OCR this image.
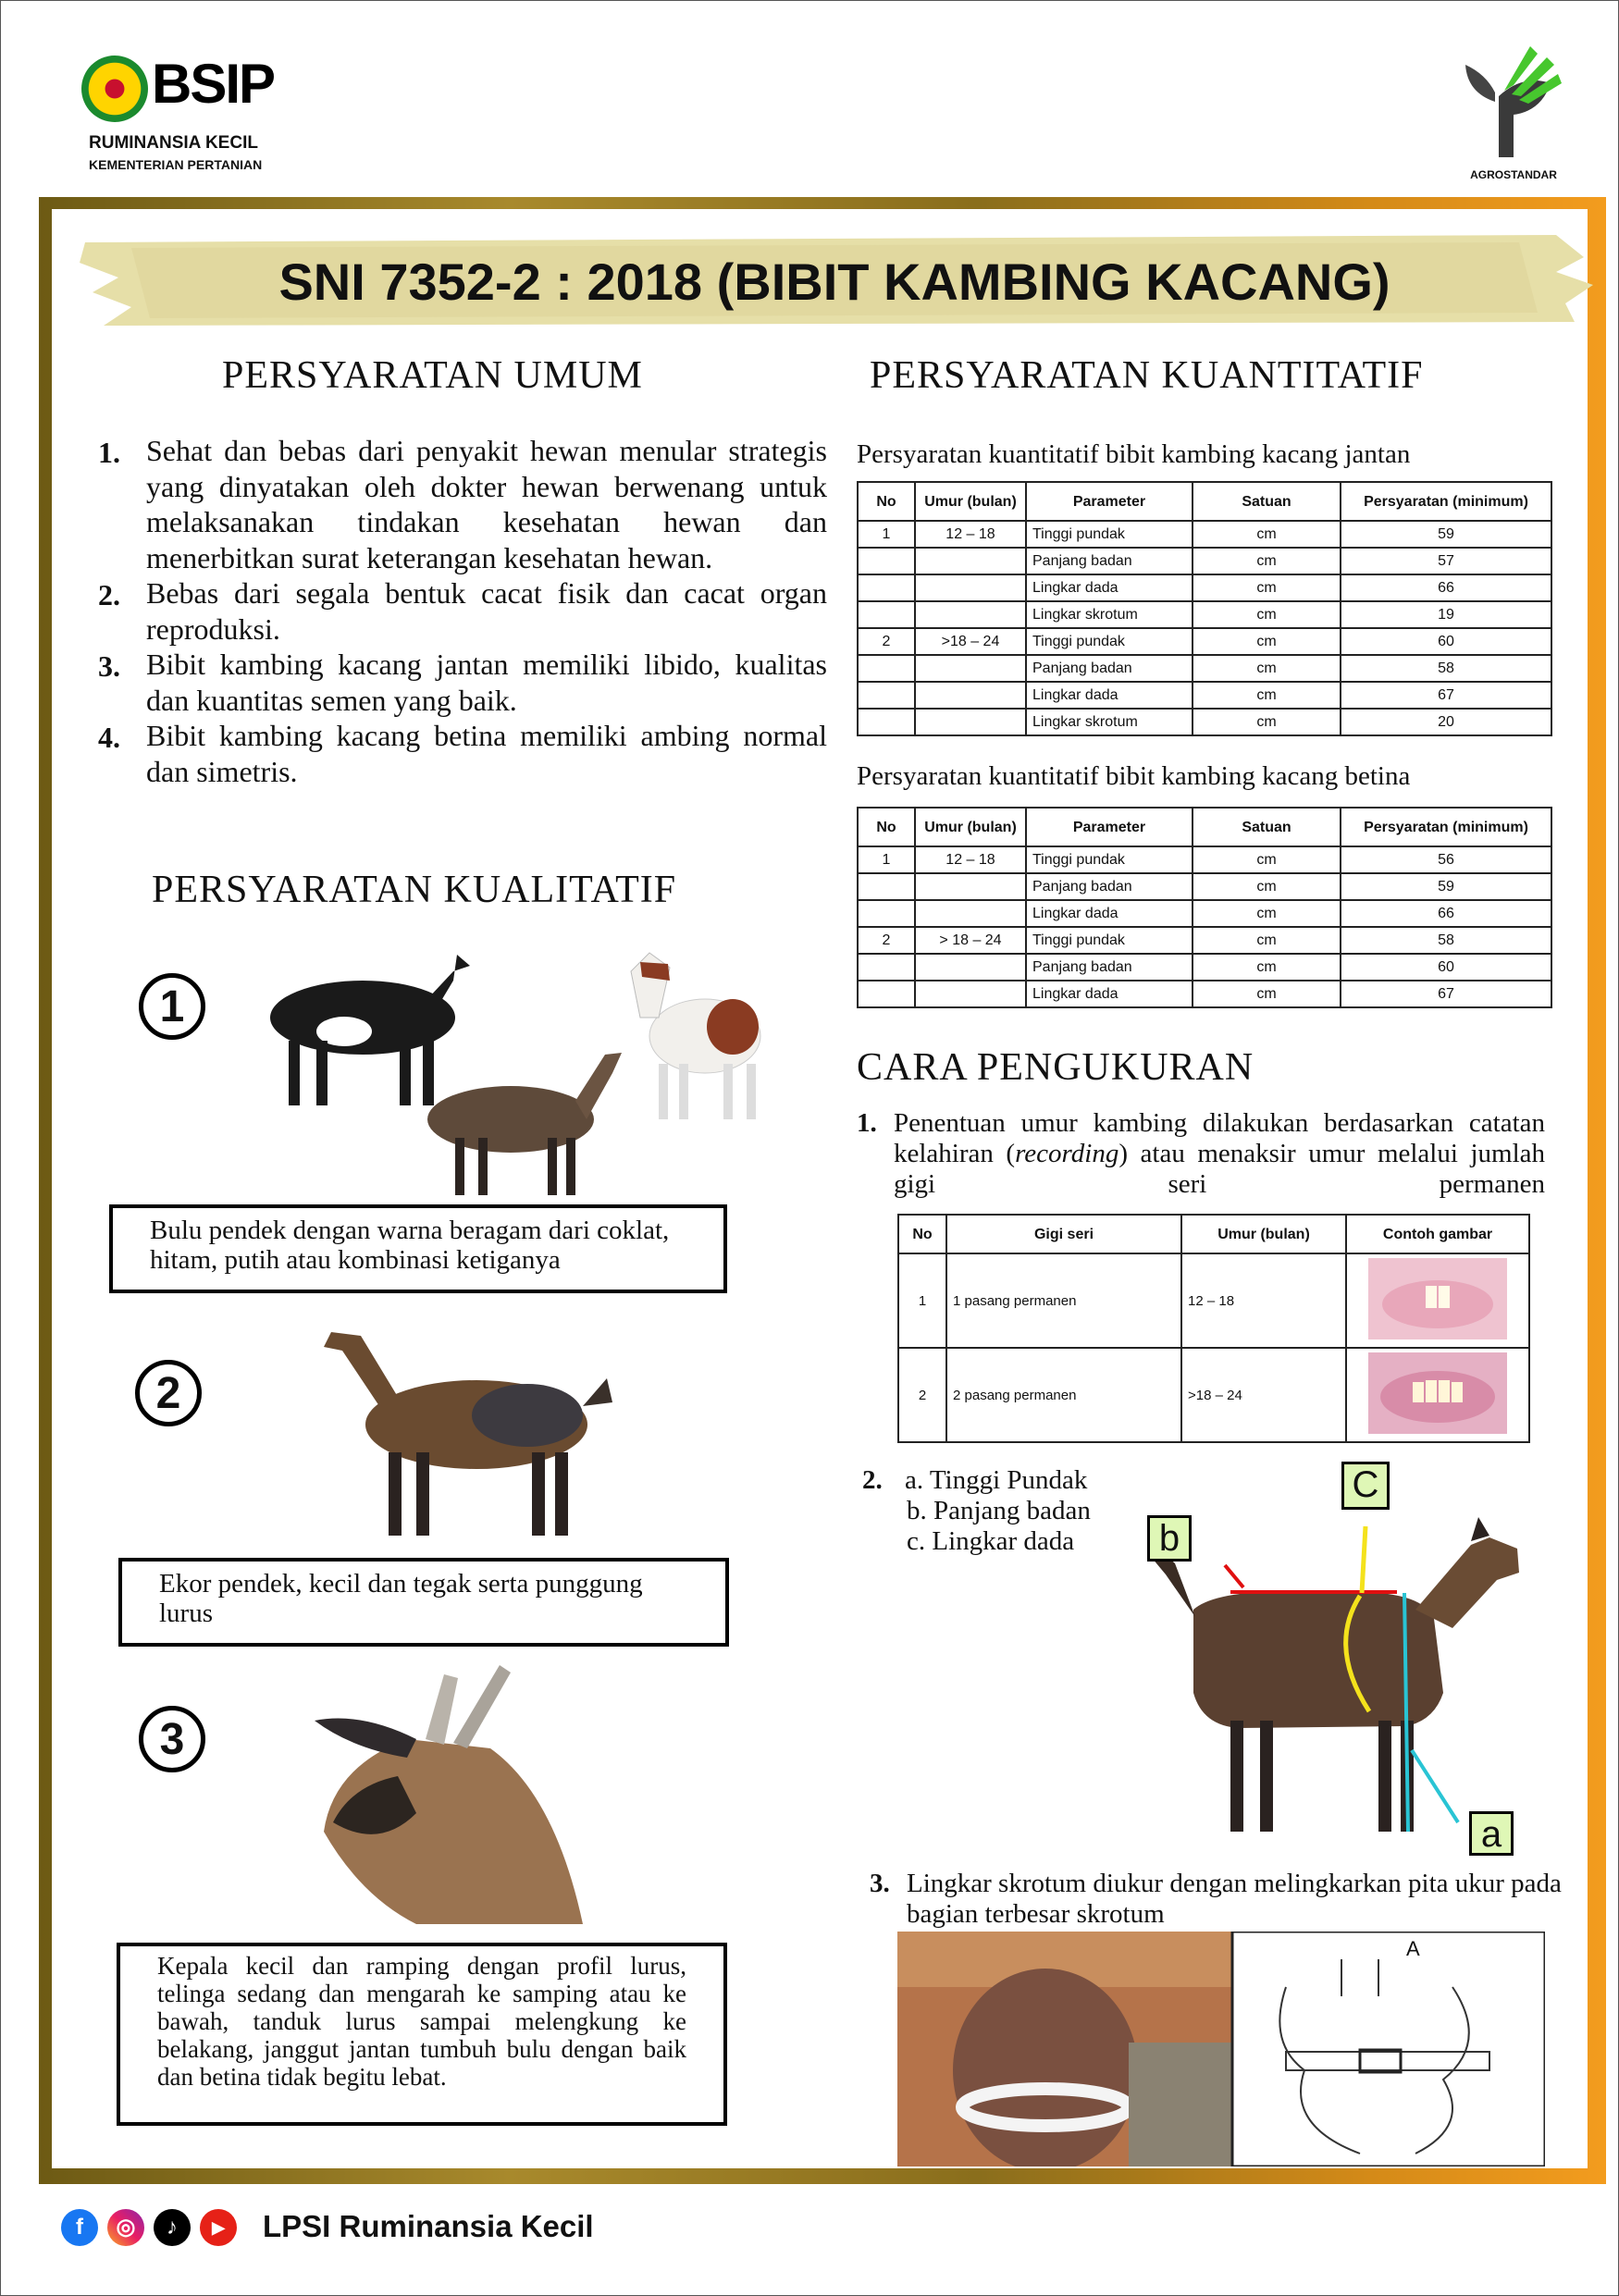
BSIP
RUMINANSIA KECIL
KEMENTERIAN PERTANIAN
AGROSTANDAR
SNI 7352-2 : 2018 (BIBIT KAMBING KACANG)
PERSYARATAN UMUM
1. Sehat dan bebas dari penyakit hewan menular strategis yang dinyatakan oleh dokter hewan berwenang untuk melaksanakan tindakan kesehatan hewan dan menerbitkan surat keterangan kesehatan hewan.
2. Bebas dari segala bentuk cacat fisik dan cacat organ reproduksi.
3. Bibit kambing kacang jantan memiliki libido, kualitas dan kuantitas semen yang baik.
4. Bibit kambing kacang betina memiliki ambing normal dan simetris.
PERSYARATAN KUALITATIF
1
Bulu pendek dengan warna beragam dari coklat, hitam, putih atau kombinasi ketiganya
2
Ekor pendek, kecil dan tegak serta punggung lurus
3
Kepala kecil dan ramping dengan profil lurus, telinga sedang dan mengarah ke samping atau ke bawah, tanduk lurus sampai melengkung ke belakang, janggut jantan tumbuh bulu dengan baik dan betina tidak begitu lebat.
PERSYARATAN KUANTITATIF
Persyaratan kuantitatif bibit kambing kacang jantan
No	Umur (bulan)	Parameter	Satuan	Persyaratan (minimum)
1	12 – 18	Tinggi pundak	cm	59
		Panjang badan	cm	57
		Lingkar dada	cm	66
		Lingkar skrotum	cm	19
2	>18 – 24	Tinggi pundak	cm	60
		Panjang badan	cm	58
		Lingkar dada	cm	67
		Lingkar skrotum	cm	20
Persyaratan kuantitatif bibit kambing kacang betina
No	Umur (bulan)	Parameter	Satuan	Persyaratan (minimum)
1	12 – 18	Tinggi pundak	cm	56
		Panjang badan	cm	59
		Lingkar dada	cm	66
2	> 18 – 24	Tinggi pundak	cm	58
		Panjang badan	cm	60
		Lingkar dada	cm	67
CARA PENGUKURAN
1. Penentuan umur kambing dilakukan berdasarkan catatan kelahiran (recording) atau menaksir umur melalui jumlah gigi seri permanen
No	Gigi seri	Umur (bulan)	Contoh gambar
1	1 pasang permanen	12 – 18	
2	2 pasang permanen	>18 – 24	
2. a. Tinggi Pundak
b. Panjang badan
c. Lingkar dada	b
C
a
3. Lingkar skrotum diukur dengan melingkarkan pita ukur pada bagian terbesar skrotum
A
f	◎	♪	▶	LPSI Ruminansia Kecil
